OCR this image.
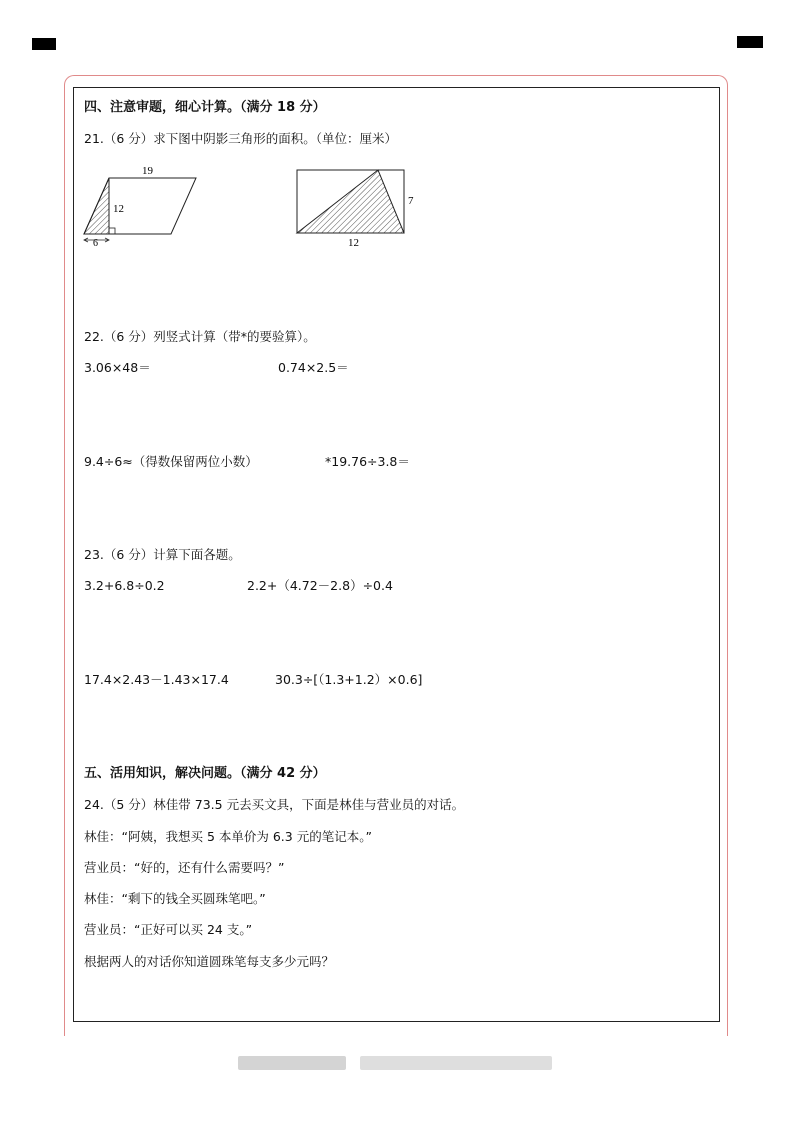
四、注意审题，细心计算。（满分 18 分）
21.（6 分）求下图中阴影三角形的面积。（单位：厘米）
19
12
6
7
12
22.（6 分）列竖式计算（带*的要验算）。
3.06×48＝	0.74×2.5＝
9.4÷6≈（得数保留两位小数）	*19.76÷3.8＝
23.（6 分）计算下面各题。
3.2+6.8÷0.2	2.2+（4.72－2.8）÷0.4
17.4×2.43－1.43×17.4	30.3÷[（1.3+1.2）×0.6]
五、活用知识，解决问题。（满分 42 分）
24.（5 分）林佳带 73.5 元去买文具，下面是林佳与营业员的对话。
林佳：“阿姨，我想买 5 本单价为 6.3 元的笔记本。”
营业员：“好的，还有什么需要吗？”
林佳：“剩下的钱全买圆珠笔吧。”
营业员：“正好可以买 24 支。”
根据两人的对话你知道圆珠笔每支多少元吗？
